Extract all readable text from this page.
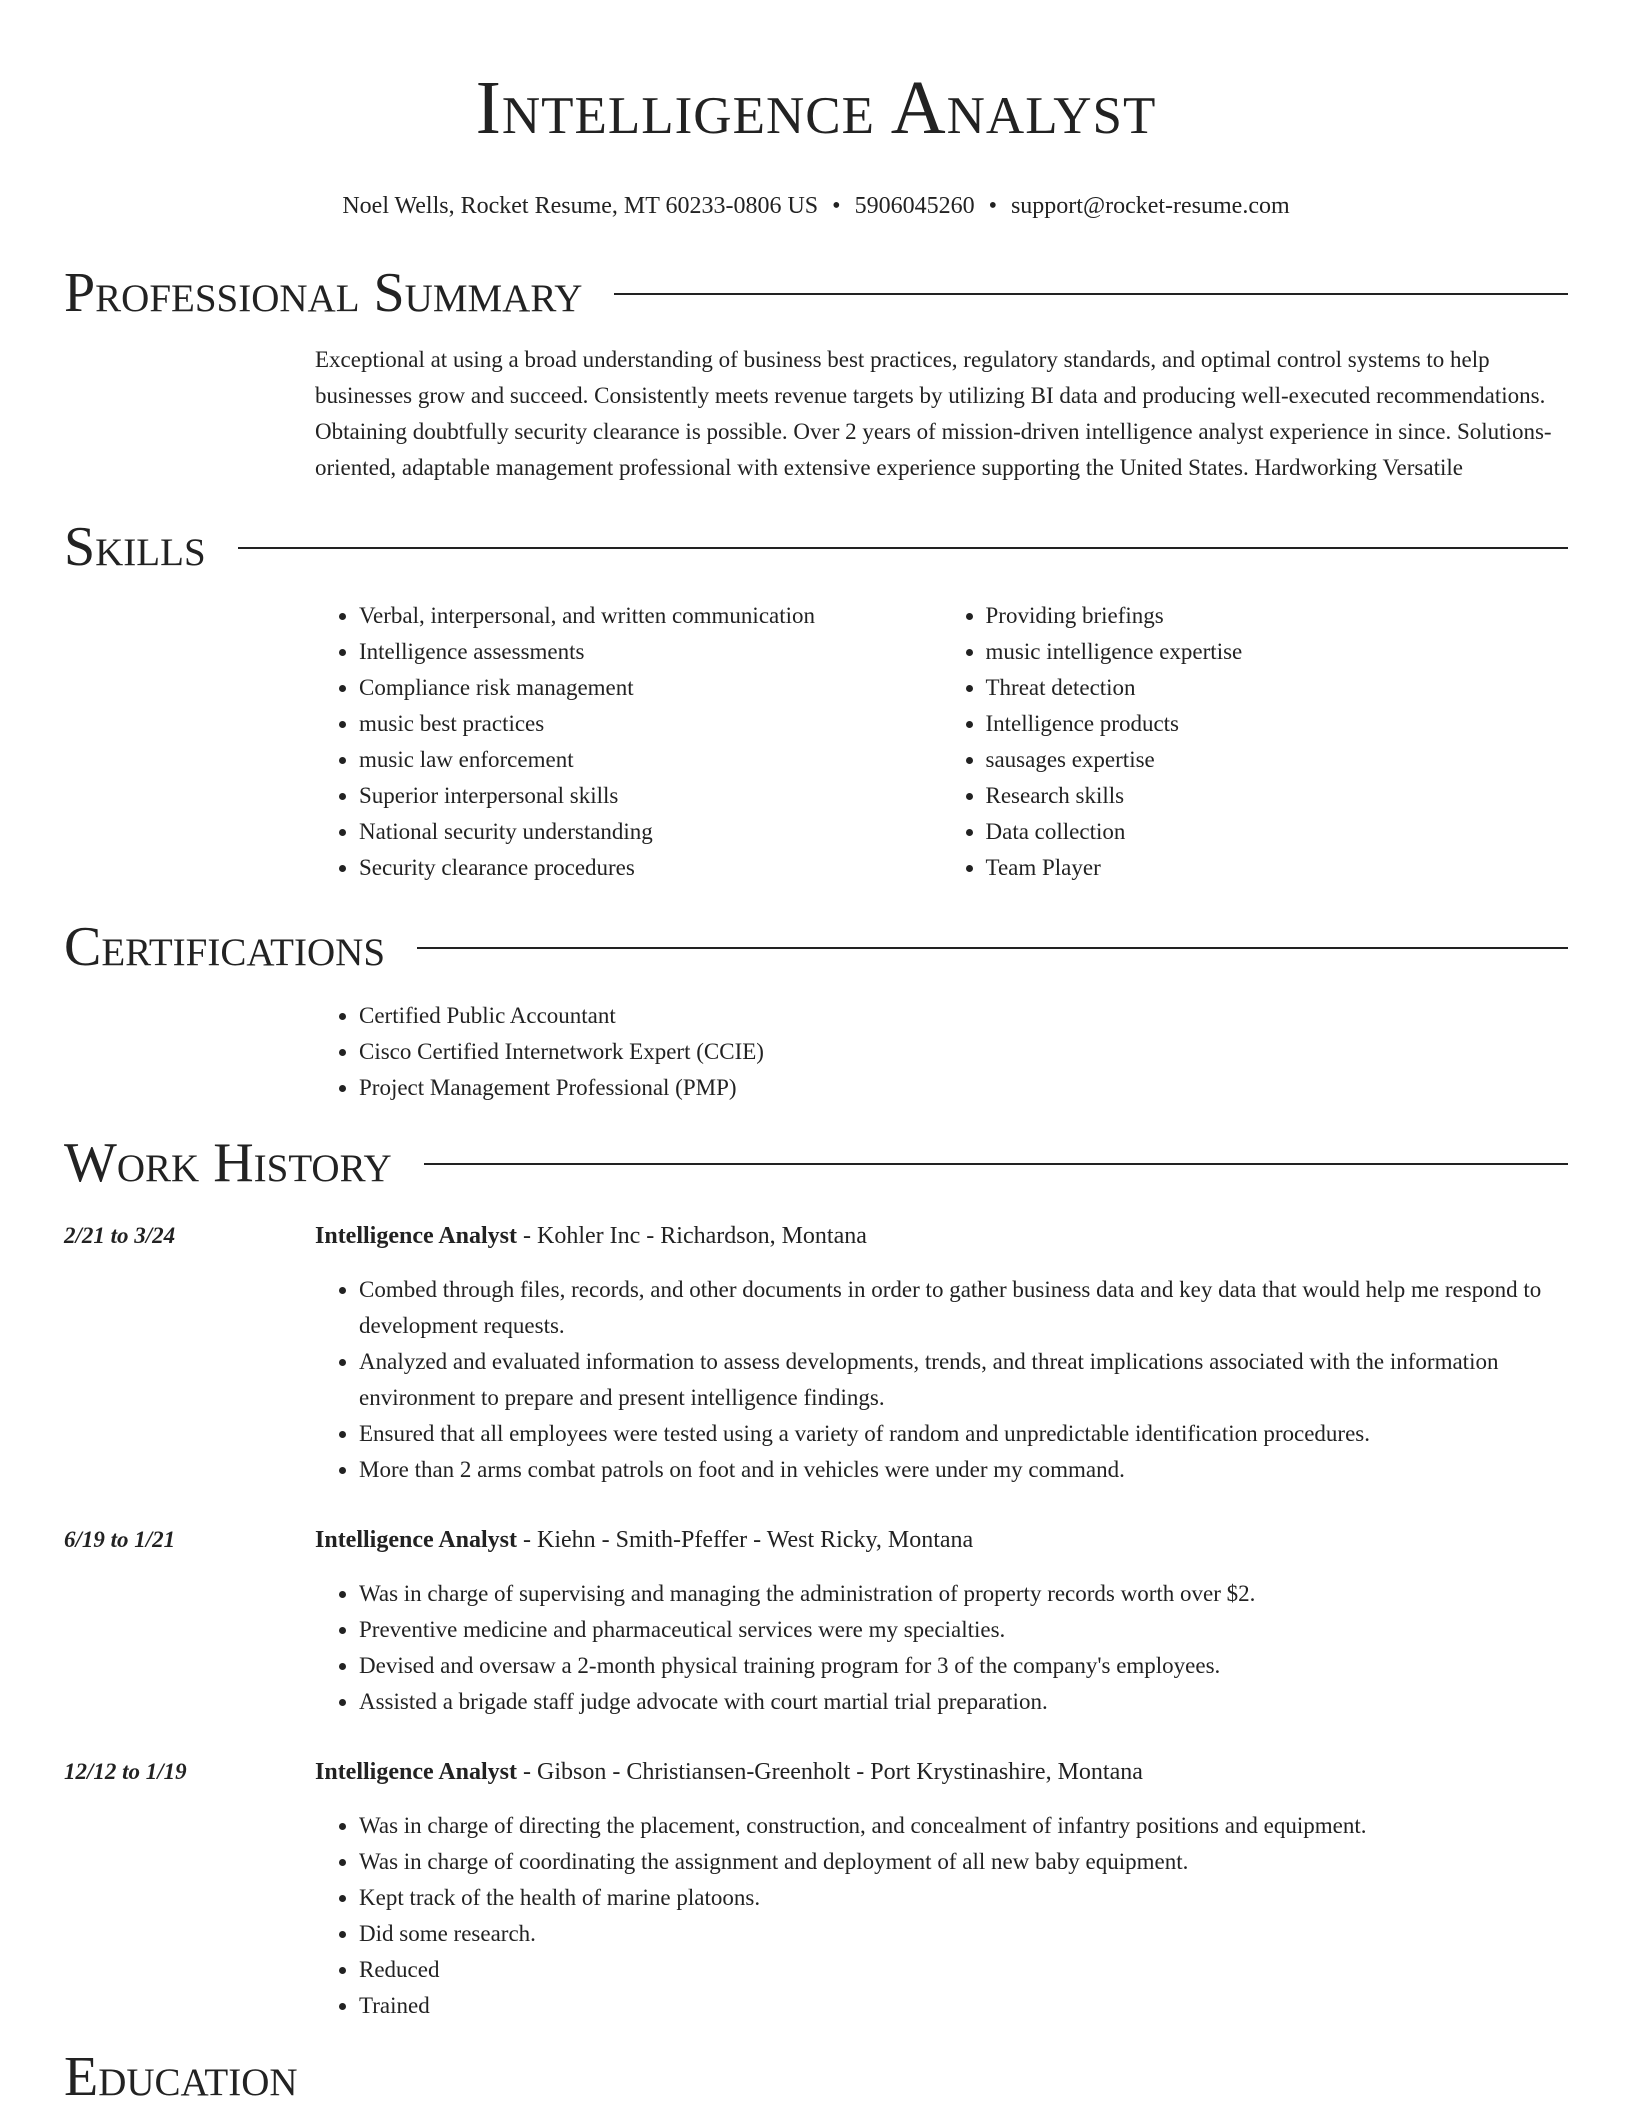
Intelligence Analyst
Noel Wells, Rocket Resume, MT 60233-0806 US • 5906045260 • support@rocket-resume.com
Professional Summary
Exceptional at using a broad understanding of business best practices, regulatory standards, and optimal control systems to help businesses grow and succeed. Consistently meets revenue targets by utilizing BI data and producing well-executed recommendations. Obtaining doubtfully security clearance is possible. Over 2 years of mission-driven intelligence analyst experience in since. Solutions-oriented, adaptable management professional with extensive experience supporting the United States. Hardworking Versatile
Skills
• Verbal, interpersonal, and written communication
• Intelligence assessments
• Compliance risk management
• music best practices
• music law enforcement
• Superior interpersonal skills
• National security understanding
• Security clearance procedures
• Providing briefings
• music intelligence expertise
• Threat detection
• Intelligence products
• sausages expertise
• Research skills
• Data collection
• Team Player
Certifications
• Certified Public Accountant
• Cisco Certified Internetwork Expert (CCIE)
• Project Management Professional (PMP)
Work History
2/21 to 3/24	Intelligence Analyst - Kohler Inc - Richardson, Montana
• Combed through files, records, and other documents in order to gather business data and key data that would help me respond to development requests.
• Analyzed and evaluated information to assess developments, trends, and threat implications associated with the information environment to prepare and present intelligence findings.
• Ensured that all employees were tested using a variety of random and unpredictable identification procedures.
• More than 2 arms combat patrols on foot and in vehicles were under my command.
6/19 to 1/21	Intelligence Analyst - Kiehn - Smith-Pfeffer - West Ricky, Montana
• Was in charge of supervising and managing the administration of property records worth over $2.
• Preventive medicine and pharmaceutical services were my specialties.
• Devised and oversaw a 2-month physical training program for 3 of the company's employees.
• Assisted a brigade staff judge advocate with court martial trial preparation.
12/12 to 1/19	Intelligence Analyst - Gibson - Christiansen-Greenholt - Port Krystinashire, Montana
• Was in charge of directing the placement, construction, and concealment of infantry positions and equipment.
• Was in charge of coordinating the assignment and deployment of all new baby equipment.
• Kept track of the health of marine platoons.
• Did some research.
• Reduced
• Trained
Education
